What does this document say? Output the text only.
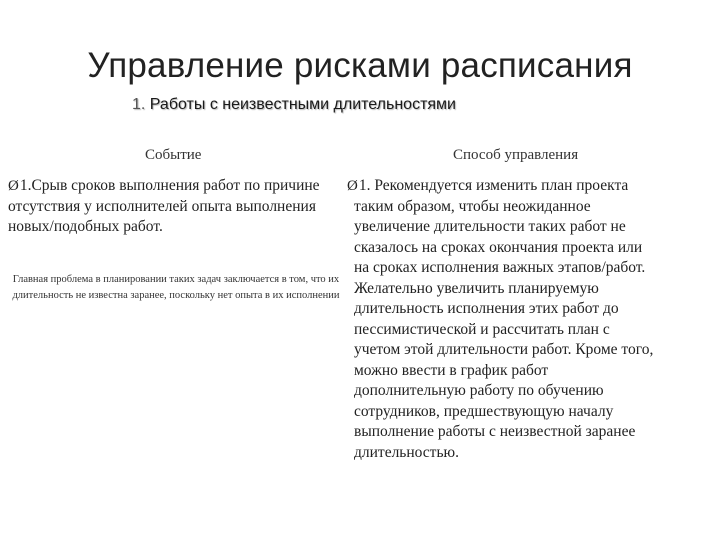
Управление рисками расписания
1. Работы с неизвестными длительностями
Событие	Способ управления
Ø1.Срыв сроков выполнения работ по причине отсутствия у исполнителей опыта выполнения новых/подобных работ.
Главная проблема в планировании таких задач заключается в том, что их длительность не известна заранее, поскольку нет опыта в их исполнении
Ø1. Рекомендуется изменить план проекта
таким образом, чтобы неожиданное
увеличение длительности таких работ не
сказалось на сроках окончания проекта или
на сроках исполнения важных этапов/работ.
Желательно увеличить планируемую
длительность исполнения этих работ до
пессимистической и рассчитать план с
учетом этой длительности работ. Кроме того,
можно ввести в график работ
дополнительную работу по обучению
сотрудников, предшествующую началу
выполнение работы с неизвестной заранее
длительностью.
